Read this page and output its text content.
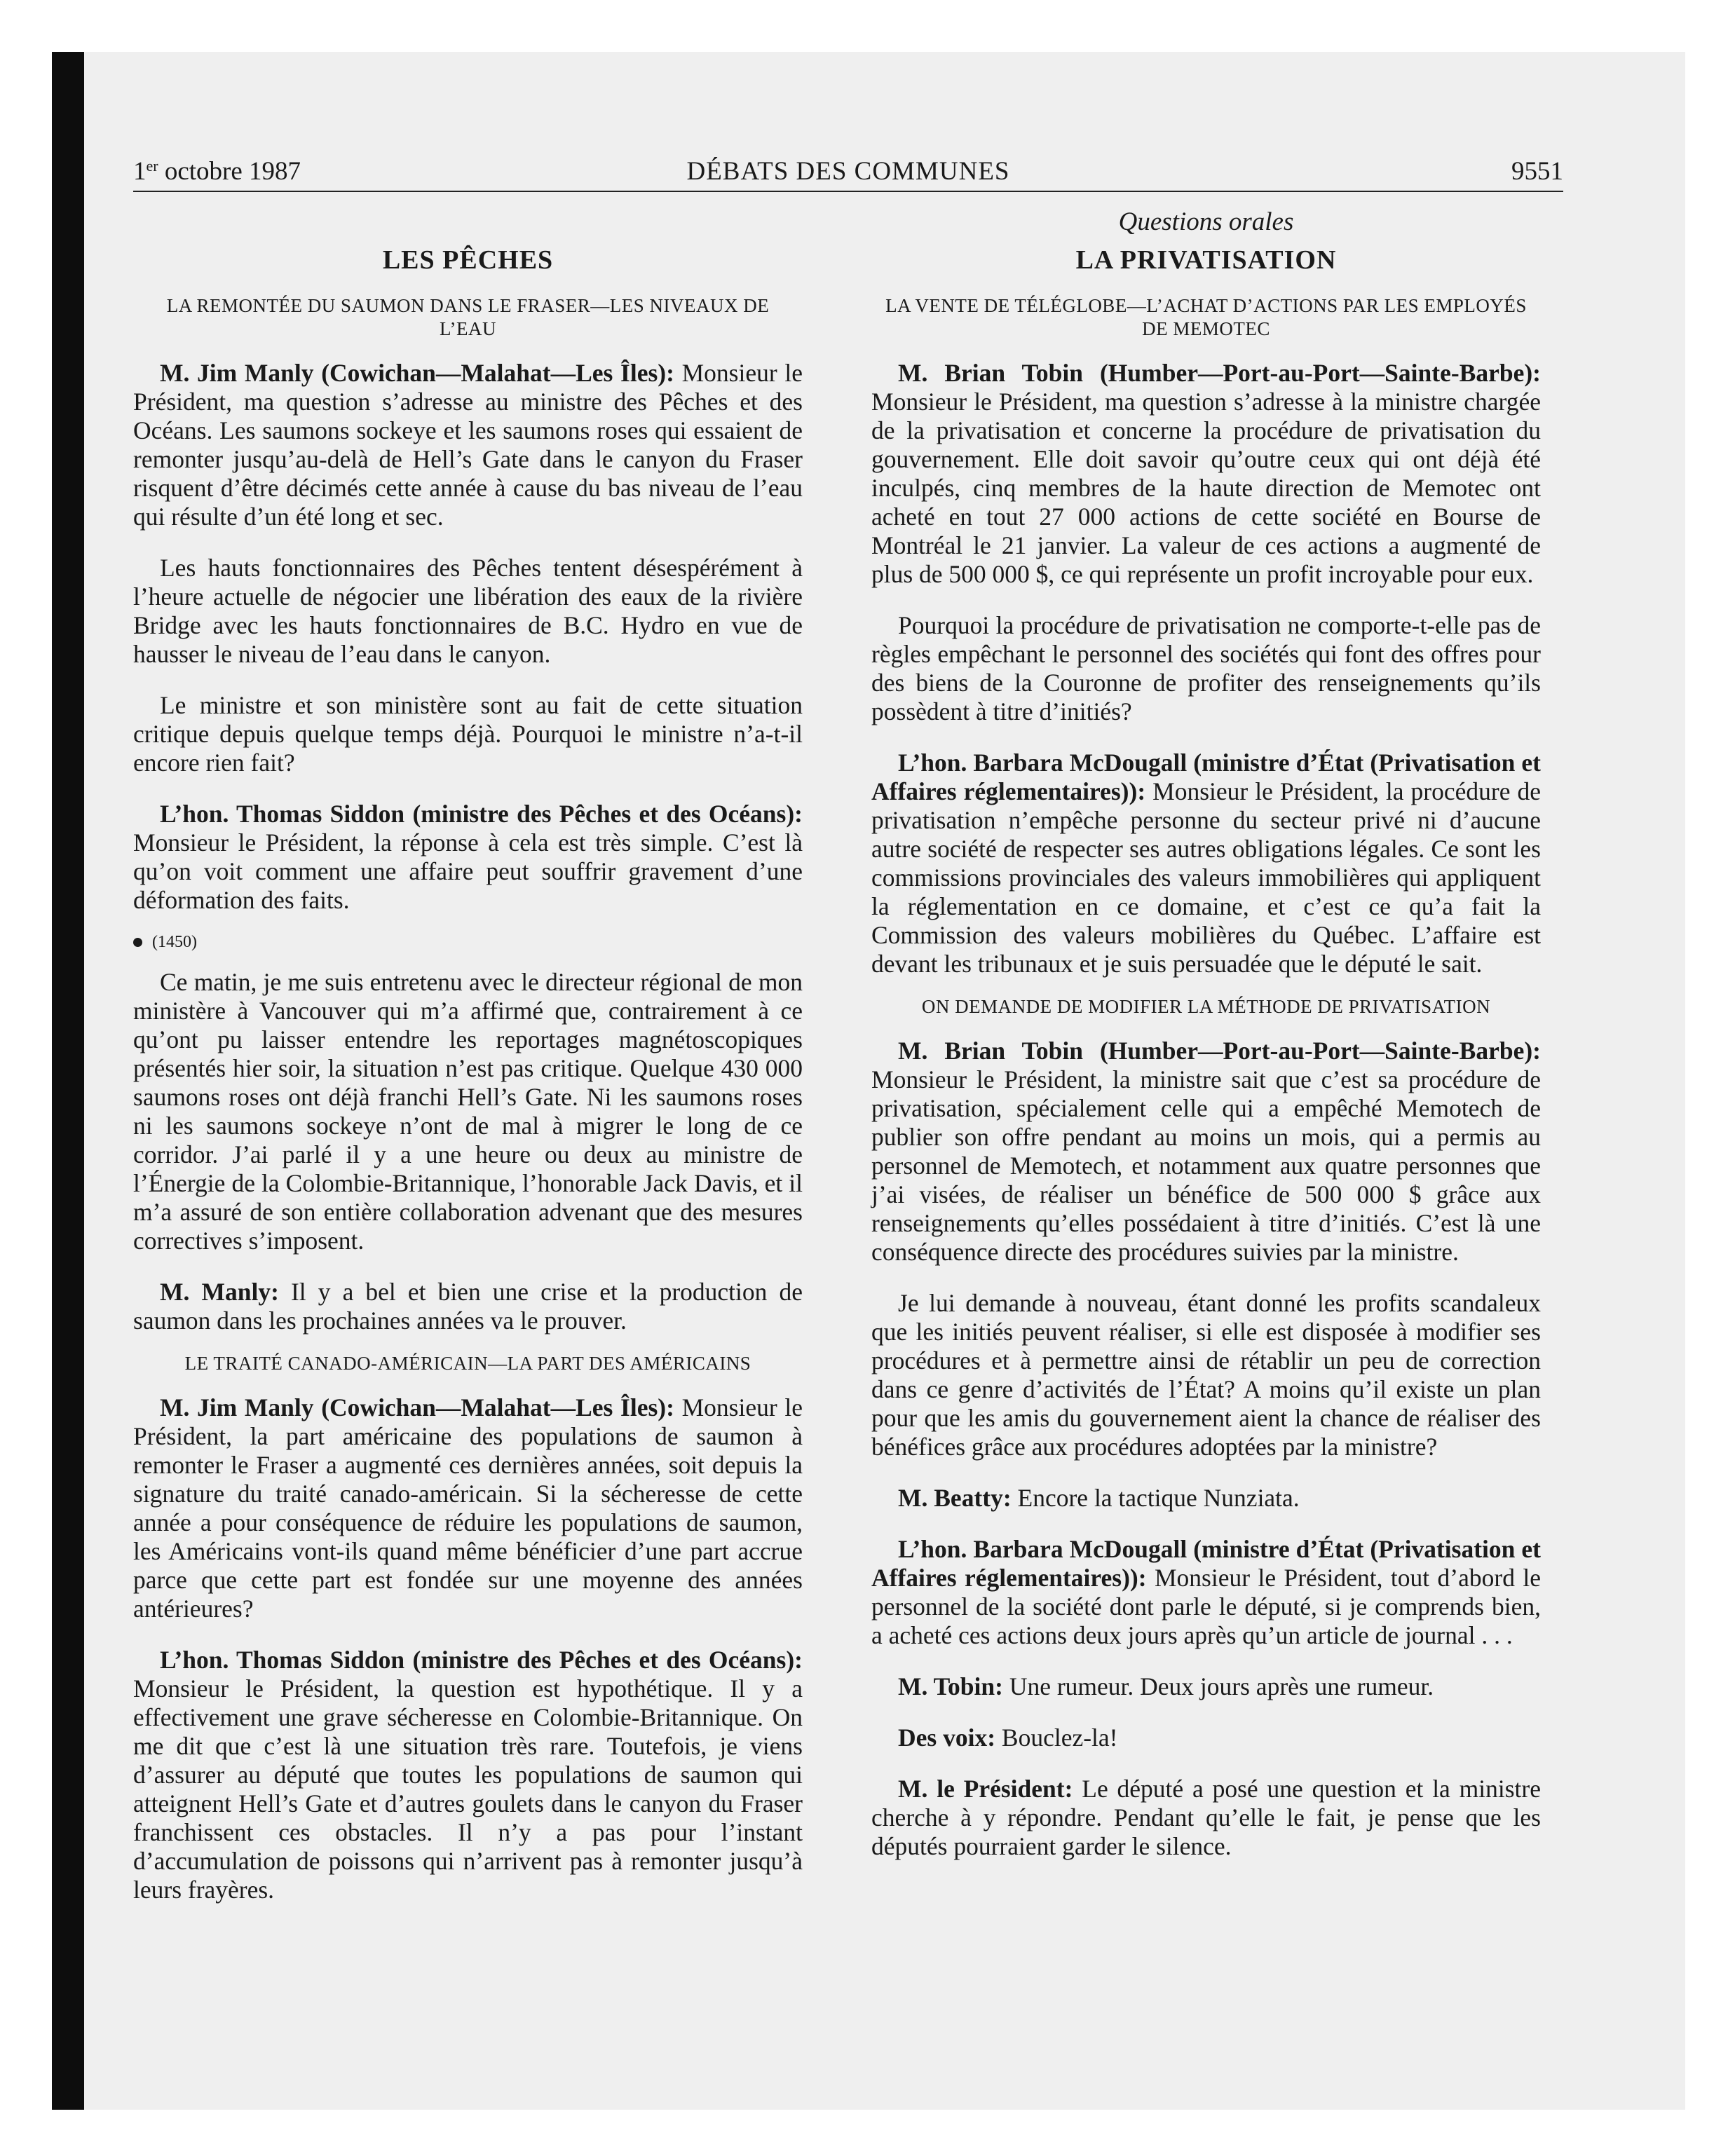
1er octobre 1987	DÉBATS DES COMMUNES	9551
LES PÊCHES
LA REMONTÉE DU SAUMON DANS LE FRASER—LES NIVEAUX DE L’EAU

M. Jim Manly (Cowichan—Malahat—Les Îles): Monsieur le Président, ma question s’adresse au ministre des Pêches et des Océans. Les saumons sockeye et les saumons roses qui essaient de remonter jusqu’au-delà de Hell’s Gate dans le canyon du Fraser risquent d’être décimés cette année à cause du bas niveau de l’eau qui résulte d’un été long et sec.

Les hauts fonctionnaires des Pêches tentent désespérément à l’heure actuelle de négocier une libération des eaux de la rivière Bridge avec les hauts fonctionnaires de B.C. Hydro en vue de hausser le niveau de l’eau dans le canyon.

Le ministre et son ministère sont au fait de cette situation critique depuis quelque temps déjà. Pourquoi le ministre n’a-t-il encore rien fait?

L’hon. Thomas Siddon (ministre des Pêches et des Océans): Monsieur le Président, la réponse à cela est très simple. C’est là qu’on voit comment une affaire peut souffrir gravement d’une déformation des faits.

(1450)

Ce matin, je me suis entretenu avec le directeur régional de mon ministère à Vancouver qui m’a affirmé que, contrairement à ce qu’ont pu laisser entendre les reportages magnétoscopiques présentés hier soir, la situation n’est pas critique. Quelque 430 000 saumons roses ont déjà franchi Hell’s Gate. Ni les saumons roses ni les saumons sockeye n’ont de mal à migrer le long de ce corridor. J’ai parlé il y a une heure ou deux au ministre de l’Énergie de la Colombie-Britannique, l’honorable Jack Davis, et il m’a assuré de son entière collaboration advenant que des mesures correctives s’imposent.

M. Manly: Il y a bel et bien une crise et la production de saumon dans les prochaines années va le prouver.

LE TRAITÉ CANADO-AMÉRICAIN—LA PART DES AMÉRICAINS

M. Jim Manly (Cowichan—Malahat—Les Îles): Monsieur le Président, la part américaine des populations de saumon à remonter le Fraser a augmenté ces dernières années, soit depuis la signature du traité canado-américain. Si la sécheresse de cette année a pour conséquence de réduire les populations de saumon, les Américains vont-ils quand même bénéficier d’une part accrue parce que cette part est fondée sur une moyenne des années antérieures?

L’hon. Thomas Siddon (ministre des Pêches et des Océans): Monsieur le Président, la question est hypothétique. Il y a effectivement une grave sécheresse en Colombie-Britannique. On me dit que c’est là une situation très rare. Toutefois, je viens d’assurer au député que toutes les populations de saumon qui atteignent Hell’s Gate et d’autres goulets dans le canyon du Fraser franchissent ces obstacles. Il n’y a pas pour l’instant d’accumulation de poissons qui n’arrivent pas à remonter jusqu’à leurs frayères.

Questions orales
LA PRIVATISATION
LA VENTE DE TÉLÉGLOBE—L’ACHAT D’ACTIONS PAR LES EMPLOYÉS DE MEMOTEC

M. Brian Tobin (Humber—Port-au-Port—Sainte-Barbe): Monsieur le Président, ma question s’adresse à la ministre chargée de la privatisation et concerne la procédure de privatisation du gouvernement. Elle doit savoir qu’outre ceux qui ont déjà été inculpés, cinq membres de la haute direction de Memotec ont acheté en tout 27 000 actions de cette société en Bourse de Montréal le 21 janvier. La valeur de ces actions a augmenté de plus de 500 000 $, ce qui représente un profit incroyable pour eux.

Pourquoi la procédure de privatisation ne comporte-t-elle pas de règles empêchant le personnel des sociétés qui font des offres pour des biens de la Couronne de profiter des renseignements qu’ils possèdent à titre d’initiés?

L’hon. Barbara McDougall (ministre d’État (Privatisation et Affaires réglementaires)): Monsieur le Président, la procédure de privatisation n’empêche personne du secteur privé ni d’aucune autre société de respecter ses autres obligations légales. Ce sont les commissions provinciales des valeurs immobilières qui appliquent la réglementation en ce domaine, et c’est ce qu’a fait la Commission des valeurs mobilières du Québec. L’affaire est devant les tribunaux et je suis persuadée que le député le sait.

ON DEMANDE DE MODIFIER LA MÉTHODE DE PRIVATISATION

M. Brian Tobin (Humber—Port-au-Port—Sainte-Barbe): Monsieur le Président, la ministre sait que c’est sa procédure de privatisation, spécialement celle qui a empêché Memotech de publier son offre pendant au moins un mois, qui a permis au personnel de Memotech, et notamment aux quatre personnes que j’ai visées, de réaliser un bénéfice de 500 000 $ grâce aux renseignements qu’elles possédaient à titre d’initiés. C’est là une conséquence directe des procédures suivies par la ministre.

Je lui demande à nouveau, étant donné les profits scandaleux que les initiés peuvent réaliser, si elle est disposée à modifier ses procédures et à permettre ainsi de rétablir un peu de correction dans ce genre d’activités de l’État? A moins qu’il existe un plan pour que les amis du gouvernement aient la chance de réaliser des bénéfices grâce aux procédures adoptées par la ministre?

M. Beatty: Encore la tactique Nunziata.

L’hon. Barbara McDougall (ministre d’État (Privatisation et Affaires réglementaires)): Monsieur le Président, tout d’abord le personnel de la société dont parle le député, si je comprends bien, a acheté ces actions deux jours après qu’un article de journal . . .

M. Tobin: Une rumeur. Deux jours après une rumeur.

Des voix: Bouclez-la!

M. le Président: Le député a posé une question et la ministre cherche à y répondre. Pendant qu’elle le fait, je pense que les députés pourraient garder le silence.
